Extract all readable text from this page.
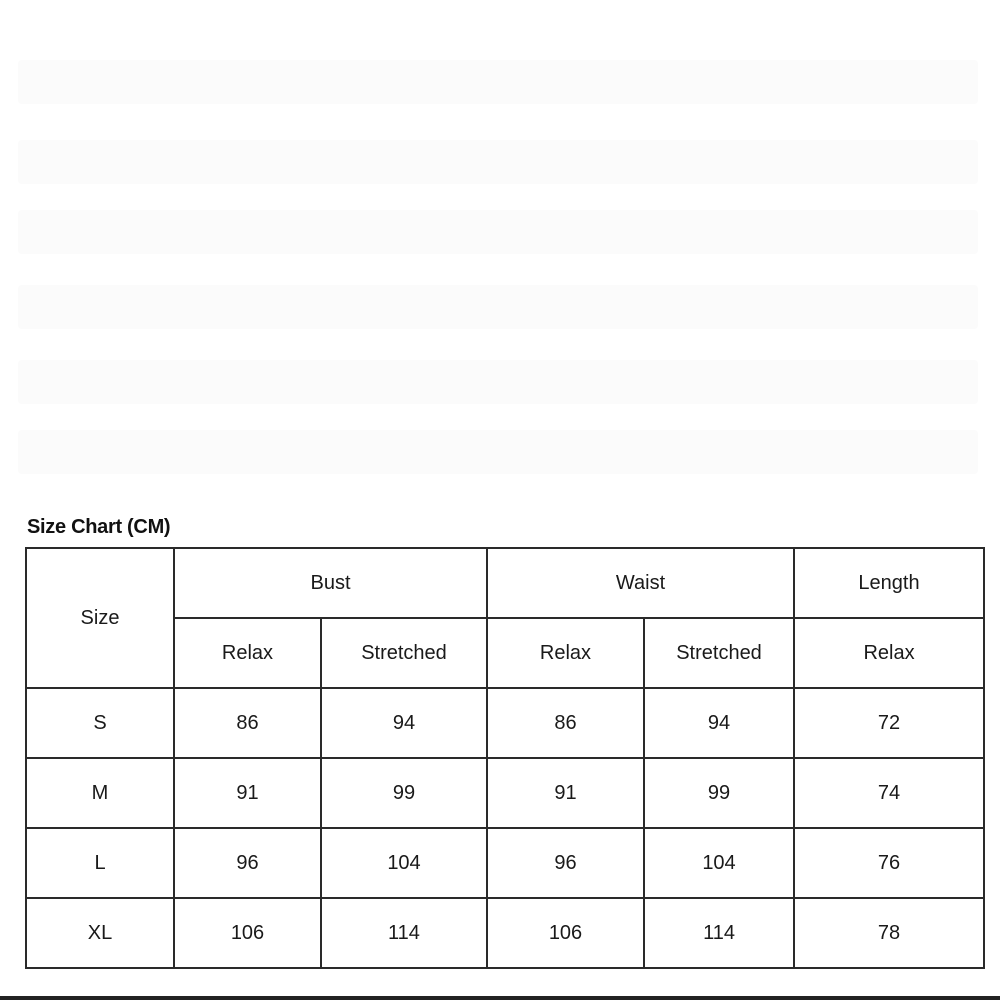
Size Chart (CM)
Size	Bust		Waist		Length
	Relax	Stretched	Relax	Stretched	Relax
S	86	94	86	94	72
M	91	99	91	99	74
L	96	104	96	104	76
XL	106	114	106	114	78
